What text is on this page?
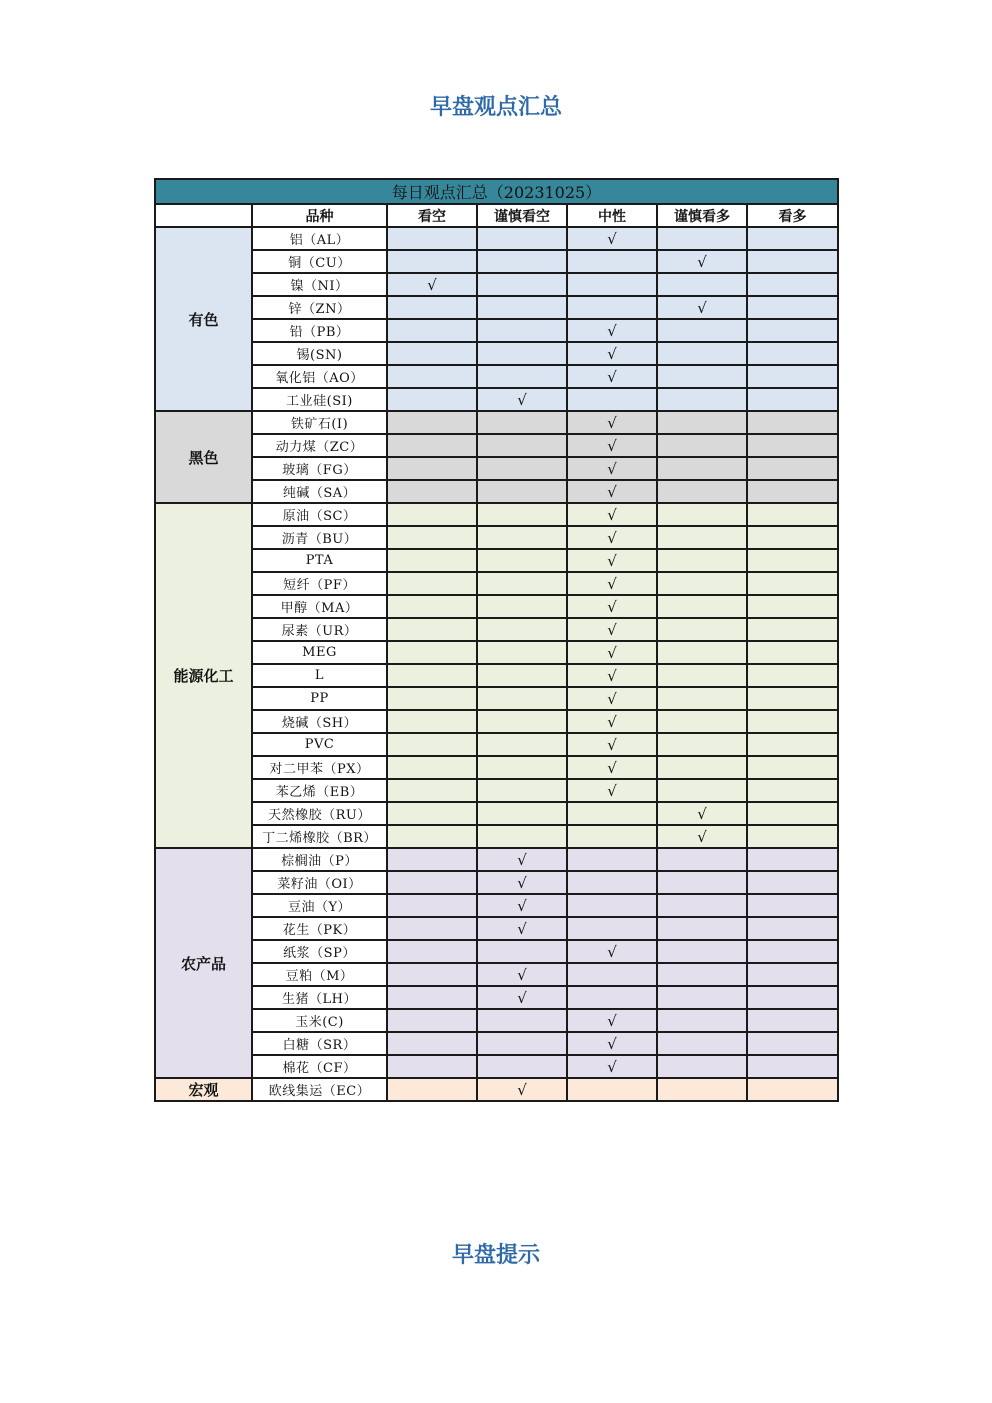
早盘观点汇总
每日观点汇总（20231025）						
	品种	看空	谨慎看空	中性	谨慎看多	看多
有色	铝（AL）			√		
	铜（CU）				√	
	镍（NI）	√				
	锌（ZN）				√	
	铅（PB）			√		
	锡(SN)			√		
	氧化铝（AO）			√		
	工业硅(SI)		√			
黑色	铁矿石(I)			√		
	动力煤（ZC）			√		
	玻璃（FG）			√		
	纯碱（SA）			√		
能源化工	原油（SC）			√		
	沥青（BU）			√		
	PTA			√		
	短纤（PF）			√		
	甲醇（MA）			√		
	尿素（UR）			√		
	MEG			√		
	L			√		
	PP			√		
	烧碱（SH）			√		
	PVC			√		
	对二甲苯（PX）			√		
	苯乙烯（EB）			√		
	天然橡胶（RU）				√	
	丁二烯橡胶（BR）				√	
农产品	棕榈油（P）		√			
	菜籽油（OI）		√			
	豆油（Y）		√			
	花生（PK）		√			
	纸浆（SP）			√		
	豆粕（M）		√			
	生猪（LH）		√			
	玉米(C)			√		
	白糖（SR）			√		
	棉花（CF）			√		
宏观	欧线集运（EC）		√			
早盘提示
